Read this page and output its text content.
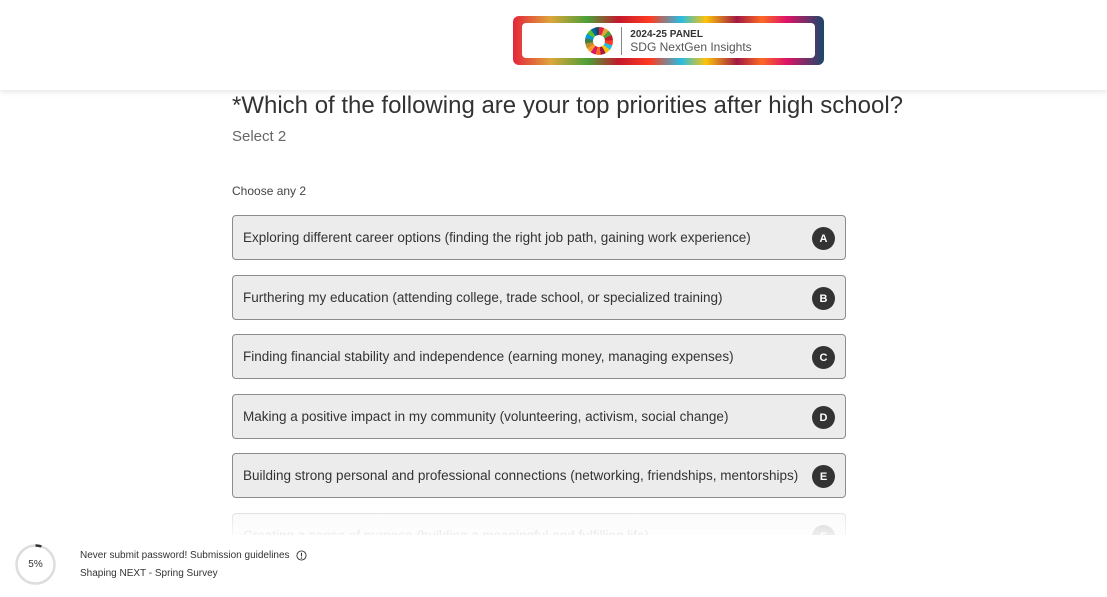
2024-25 PANEL
SDG NextGen Insights
*Which of the following are your top priorities after high school?
Select 2
Choose any 2
Exploring different career options (finding the right job path, gaining work experience)	A
Furthering my education (attending college, trade school, or specialized training)	B
Finding financial stability and independence (earning money, managing expenses)	C
Making a positive impact in my community (volunteering, activism, social change)	D
Building strong personal and professional connections (networking, friendships, mentorships)	E
5%
Never submit password! Submission guidelines
Shaping NEXT - Spring Survey
